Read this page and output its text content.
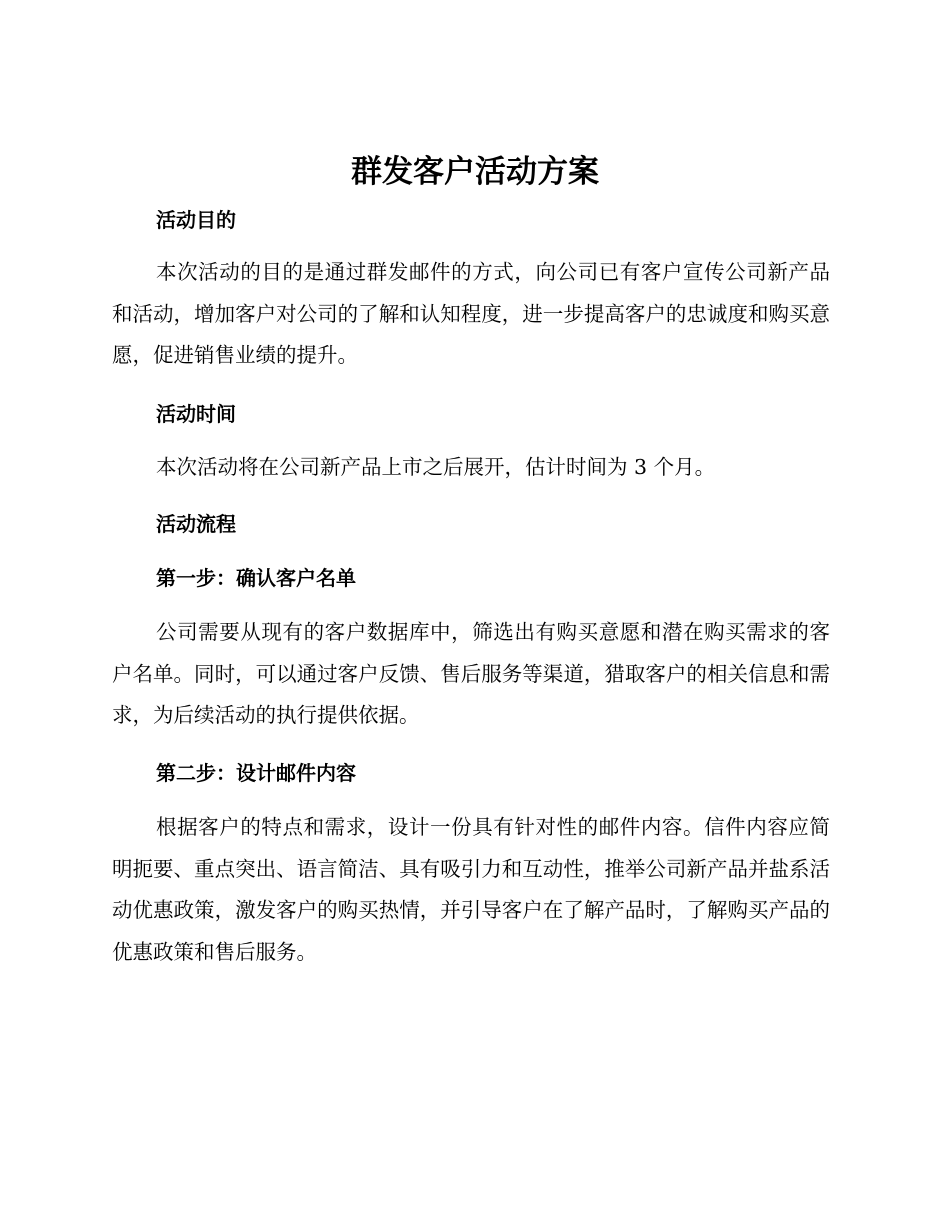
群发客户活动方案
活动目的

本次活动的目的是通过群发邮件的方式，向公司已有客户宣传公司新产品和活动，增加客户对公司的了解和认知程度，进一步提高客户的忠诚度和购买意愿，促进销售业绩的提升。

活动时间

本次活动将在公司新产品上市之后展开，估计时间为 3 个月。

活动流程
第一步：确认客户名单

公司需要从现有的客户数据库中，筛选出有购买意愿和潜在购买需求的客户名单。同时，可以通过客户反馈、售后服务等渠道，猎取客户的相关信息和需求，为后续活动的执行提供依据。

第二步：设计邮件内容

根据客户的特点和需求，设计一份具有针对性的邮件内容。信件内容应简明扼要、重点突出、语言简洁、具有吸引力和互动性，推举公司新产品并盐系活动优惠政策，激发客户的购买热情，并引导客户在了解产品时，了解购买产品的优惠政策和售后服务。
